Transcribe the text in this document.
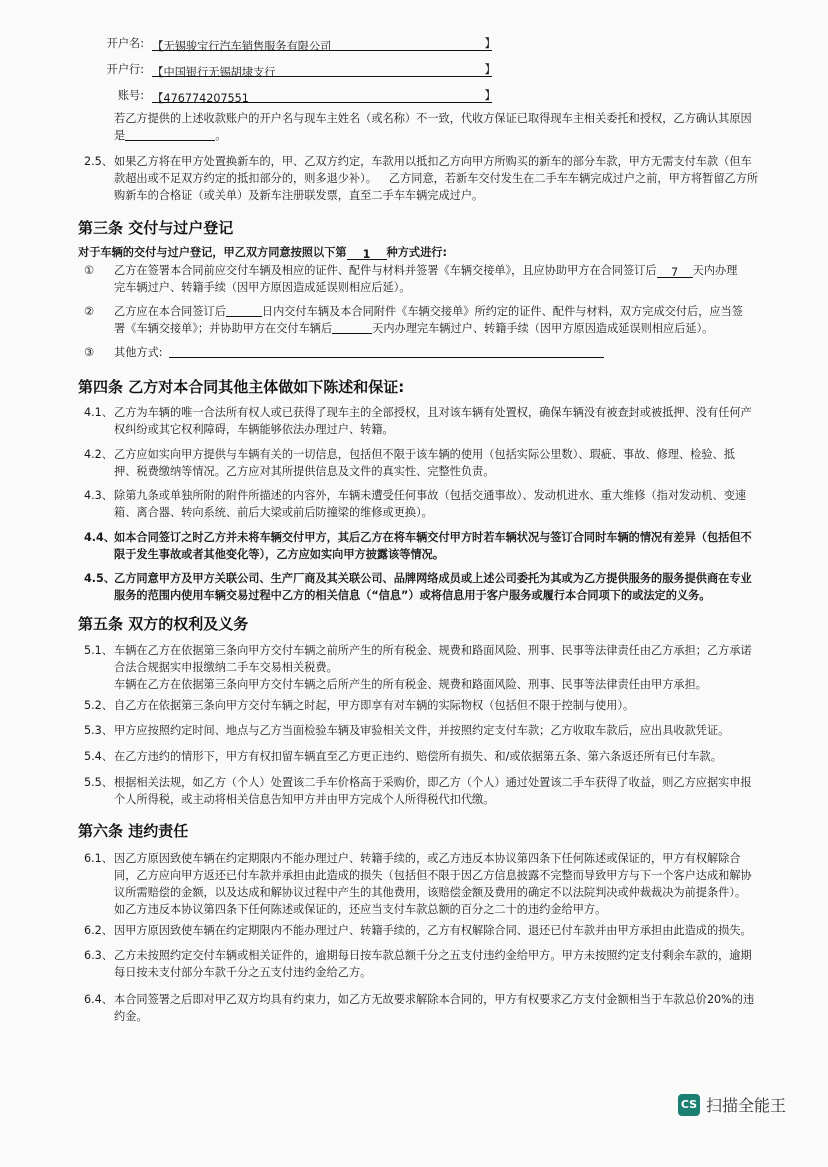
开户名: 【无锡骏宝行汽车销售服务有限公司	】
开户行: 【中国银行无锡胡埭支行	】
账号: 【476774207551	】
若乙方提供的上述收款账户的开户名与现车主姓名（或名称）不一致，代收方保证已取得现车主相关委托和授权，乙方确认其原因
是	。
2.5、 如果乙方将在甲方处置换新车的，甲、乙双方约定，车款用以抵扣乙方向甲方所购买的新车的部分车款，甲方无需支付车款（但车
款超出或不足双方约定的抵扣部分的，则多退少补）。 乙方同意，若新车交付发生在二手车车辆完成过户之前，甲方将暂留乙方所
购新车的合格证（或关单）及新车注册联发票，直至二手车车辆完成过户。
第三条 交付与过户登记
对于车辆的交付与过户登记，甲乙双方同意按照以下第 1 种方式进行:
① 乙方在签署本合同前应交付车辆及相应的证件、配件与材料并签署《车辆交接单》，且应协助甲方在合同签订后 7 天内办理
完车辆过户、转籍手续（因甲方原因造成延误则相应后延）。
② 乙方应在本合同签订后	日内交付车辆及本合同附件《车辆交接单》所约定的证件、配件与材料，双方完成交付后，应当签
署《车辆交接单》；并协助甲方在交付车辆后	天内办理完车辆过户、转籍手续（因甲方原因造成延误则相应后延）。
③ 其他方式:
第四条 乙方对本合同其他主体做如下陈述和保证:
4.1、 乙方为车辆的唯一合法所有权人或已获得了现车主的全部授权，且对该车辆有处置权，确保车辆没有被查封或被抵押、没有任何产
权纠纷或其它权利障碍，车辆能够依法办理过户、转籍。
4.2、 乙方应如实向甲方提供与车辆有关的一切信息，包括但不限于该车辆的使用（包括实际公里数）、瑕疵、事故、修理、检验、抵
押、税费缴纳等情况。乙方应对其所提供信息及文件的真实性、完整性负责。
4.3、 除第九条或单独所附的附件所描述的内容外，车辆未遭受任何事故（包括交通事故）、发动机进水、重大维修（指对发动机、变速
箱、离合器、转向系统、前后大梁或前后防撞梁的维修或更换）。
4.4、
如本合同签订之时乙方并未将车辆交付甲方，其后乙方在将车辆交付甲方时若车辆状况与签订合同时车辆的情况有差异（包括但不
限于发生事故或者其他变化等），乙方应如实向甲方披露该等情况。
4.5、
乙方同意甲方及甲方关联公司、生产厂商及其关联公司、品牌网络成员或上述公司委托为其或为乙方提供服务的服务提供商在专业
服务的范围内使用车辆交易过程中乙方的相关信息（“信息”）或将信息用于客户服务或履行本合同项下的或法定的义务。
第五条 双方的权利及义务
5.1、 车辆在乙方在依据第三条向甲方交付车辆之前所产生的所有税金、规费和路面风险、刑事、民事等法律责任由乙方承担；乙方承诺
合法合规据实申报缴纳二手车交易相关税费。
车辆在乙方在依据第三条向甲方交付车辆之后所产生的所有税金、规费和路面风险、刑事、民事等法律责任由甲方承担。
5.2、 自乙方在依据第三条向甲方交付车辆之时起，甲方即享有对车辆的实际物权（包括但不限于控制与使用）。
5.3、 甲方应按照约定时间、地点与乙方当面检验车辆及审验相关文件，并按照约定支付车款；乙方收取车款后，应出具收款凭证。
5.4、 在乙方违约的情形下，甲方有权扣留车辆直至乙方更正违约、赔偿所有损失、和/或依据第五条、第六条返还所有已付车款。
5.5、 根据相关法规，如乙方（个人）处置该二手车价格高于采购价，即乙方（个人）通过处置该二手车获得了收益，则乙方应据实申报
个人所得税，或主动将相关信息告知甲方并由甲方完成个人所得税代扣代缴。
第六条 违约责任
6.1、 因乙方原因致使车辆在约定期限内不能办理过户、转籍手续的，或乙方违反本协议第四条下任何陈述或保证的，甲方有权解除合
同，乙方应向甲方返还已付车款并承担由此造成的损失（包括但不限于因乙方信息披露不完整而导致甲方与下一个客户达成和解协
议所需赔偿的金额，以及达成和解协议过程中产生的其他费用，该赔偿金额及费用的确定不以法院判决或仲裁裁决为前提条件）。
如乙方违反本协议第四条下任何陈述或保证的，还应当支付车款总额的百分之二十的违约金给甲方。
6.2、 因甲方原因致使车辆在约定期限内不能办理过户、转籍手续的，乙方有权解除合同、退还已付车款并由甲方承担由此造成的损失。
6.3、 乙方未按照约定交付车辆或相关证件的，逾期每日按车款总额千分之五支付违约金给甲方。甲方未按照约定支付剩余车款的，逾期
每日按未支付部分车款千分之五支付违约金给乙方。
6.4、 本合同签署之后即对甲乙双方均具有约束力，如乙方无故要求解除本合同的，甲方有权要求乙方支付金额相当于车款总价20%的违
约金。
CS 扫描全能王
